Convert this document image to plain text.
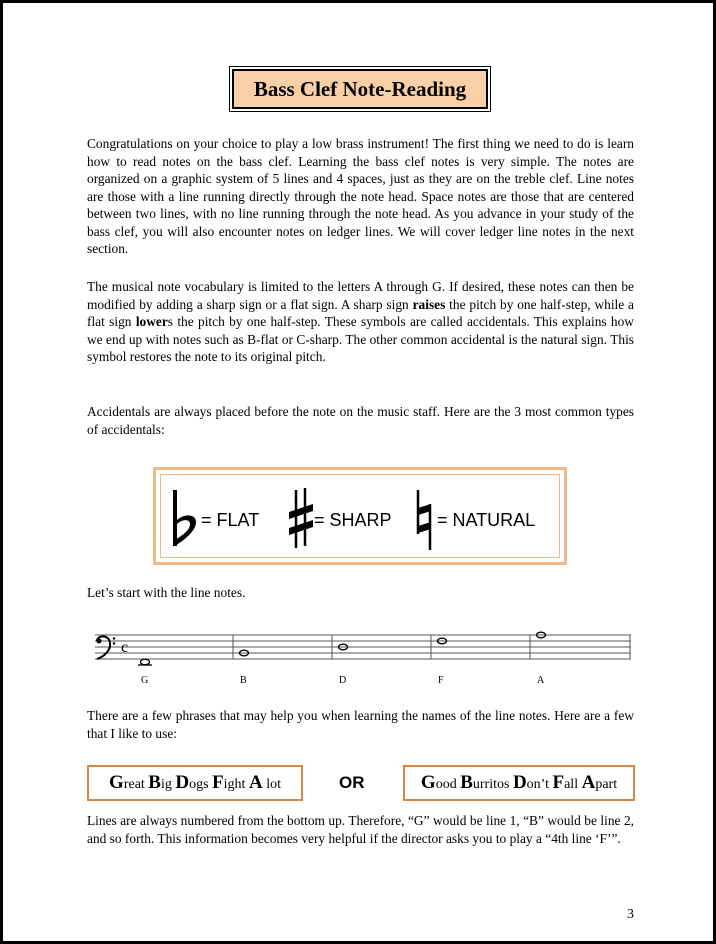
Bass Clef Note-Reading

Congratulations on your choice to play a low brass instrument! The first thing we need to do is learn how to read notes on the bass clef. Learning the bass clef notes is very simple. The notes are organized on a graphic system of 5 lines and 4 spaces, just as they are on the treble clef. Line notes are those with a line running directly through the note head. Space notes are those that are centered between two lines, with no line running through the note head. As you advance in your study of the bass clef, you will also encounter notes on ledger lines. We will cover ledger line notes in the next section.

The musical note vocabulary is limited to the letters A through G. If desired, these notes can then be modified by adding a sharp sign or a flat sign. A sharp sign raises the pitch by one half-step, while a flat sign lowers the pitch by one half-step. These symbols are called accidentals. This explains how we end up with notes such as B-flat or C-sharp. The other common accidental is the natural sign. This symbol restores the note to its original pitch.

Accidentals are always placed before the note on the music staff. Here are the 3 most common types of accidentals:

= FLAT	= SHARP	= NATURAL

Let’s start with the line notes.

c
G	B	D	F	A

There are a few phrases that may help you when learning the names of the line notes. Here are a few that I like to use:

Great Big Dogs Fight A lot	OR	Good Burritos Don’t Fall Apart

Lines are always numbered from the bottom up. Therefore, “G” would be line 1, “B” would be line 2, and so forth. This information becomes very helpful if the director asks you to play a “4th line ‘F’”.

3
